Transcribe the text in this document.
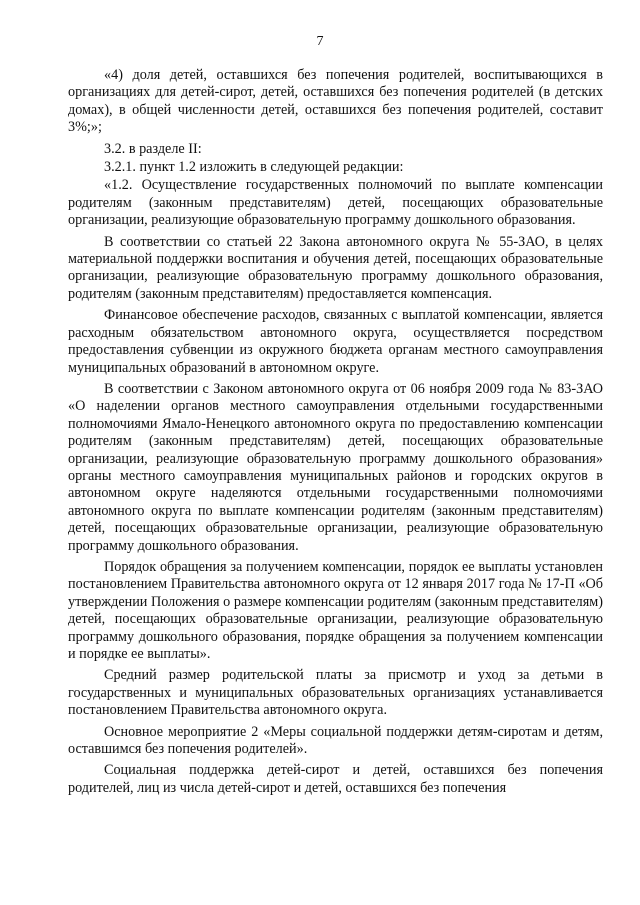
7

«4) доля детей, оставшихся без попечения родителей, воспитывающихся в организациях для детей-сирот, детей, оставшихся без попечения родителей (в детских домах), в общей численности детей, оставшихся без попечения родителей, составит 3%;»;

3.2. в разделе II:

3.2.1. пункт 1.2 изложить в следующей редакции:

«1.2. Осуществление государственных полномочий по выплате компенсации родителям (законным представителям) детей, посещающих образовательные организации, реализующие образовательную программу дошкольного образования.

В соответствии со статьей 22 Закона автономного округа № 55-ЗАО, в целях материальной поддержки воспитания и обучения детей, посещающих образовательные организации, реализующие образовательную программу дошкольного образования, родителям (законным представителям) предоставляется компенсация.

Финансовое обеспечение расходов, связанных с выплатой компенсации, является расходным обязательством автономного округа, осуществляется посредством предоставления субвенции из окружного бюджета органам местного самоуправления муниципальных образований в автономном округе.

В соответствии с Законом автономного округа от 06 ноября 2009 года № 83-ЗАО «О наделении органов местного самоуправления отдельными государственными полномочиями Ямало-Ненецкого автономного округа по предоставлению компенсации родителям (законным представителям) детей, посещающих образовательные организации, реализующие образовательную программу дошкольного образования» органы местного самоуправления муниципальных районов и городских округов в автономном округе наделяются отдельными государственными полномочиями автономного округа по выплате компенсации родителям (законным представителям) детей, посещающих образовательные организации, реализующие образовательную программу дошкольного образования.

Порядок обращения за получением компенсации, порядок ее выплаты установлен постановлением Правительства автономного округа от 12 января 2017 года № 17-П «Об утверждении Положения о размере компенсации родителям (законным представителям) детей, посещающих образовательные организации, реализующие образовательную программу дошкольного образования, порядке обращения за получением компенсации и порядке ее выплаты».

Средний размер родительской платы за присмотр и уход за детьми в государственных и муниципальных образовательных организациях устанавливается постановлением Правительства автономного округа.

Основное мероприятие 2 «Меры социальной поддержки детям-сиротам и детям, оставшимся без попечения родителей».

Социальная поддержка детей-сирот и детей, оставшихся без попечения родителей, лиц из числа детей-сирот и детей, оставшихся без попечения
